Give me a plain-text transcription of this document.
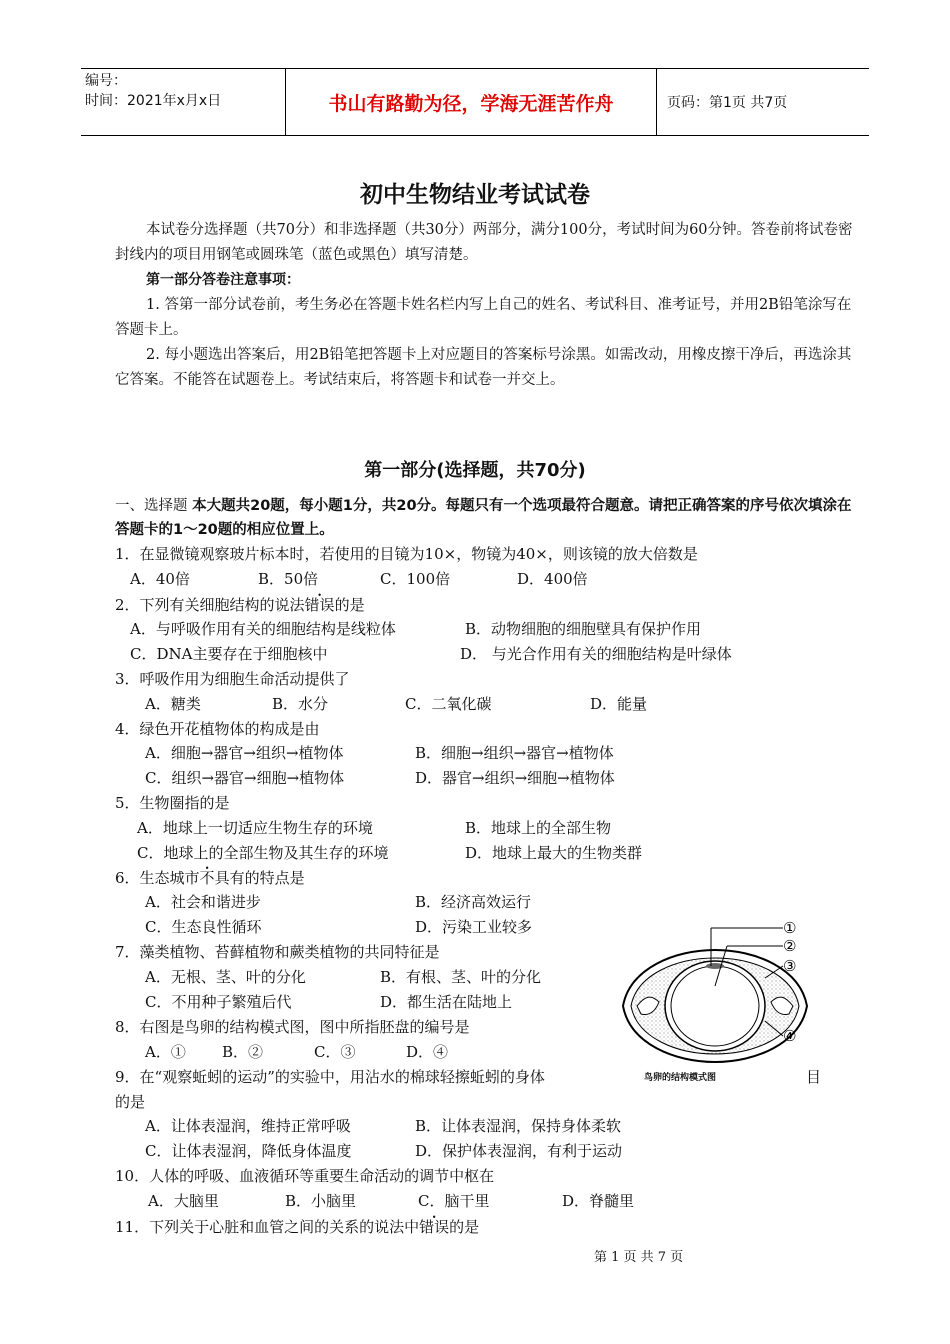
编号：
时间：2021年x月x日	书山有路勤为径，学海无涯苦作舟	页码：第1页 共7页
初中生物结业考试试卷
本试卷分选择题（共70分）和非选择题（共30分）两部分，满分100分，考试时间为60分钟。答卷前将试卷密封线内的项目用钢笔或圆珠笔（蓝色或黑色）填写清楚。
第一部分答卷注意事项：
1. 答第一部分试卷前，考生务必在答题卡姓名栏内写上自己的姓名、考试科目、准考证号，并用2B铅笔涂写在答题卡上。
2. 每小题选出答案后，用2B铅笔把答题卡上对应题目的答案标号涂黑。如需改动，用橡皮擦干净后，再选涂其它答案。不能答在试题卷上。考试结束后，将答题卡和试卷一并交上。
第一部分(选择题，共70分)
一、选择题 本大题共20题，每小题1分，共20分。每题只有一个选项最符合题意。请把正确答案的序号依次填涂在答题卡的1～20题的相应位置上。
1．在显微镜观察玻片标本时，若使用的目镜为10×，物镜为40×，则该镜的放大倍数是
A．40倍	B．50倍	C．100倍	D．400倍
2．下列有关细胞结构的说法错误的是
A．与呼吸作用有关的细胞结构是线粒体	B．动物细胞的细胞壁具有保护作用
C．DNA主要存在于细胞核中	D． 与光合作用有关的细胞结构是叶绿体
3．呼吸作用为细胞生命活动提供了
A．糖类	B．水分	C．二氧化碳	D．能量
4．绿色开花植物体的构成是由
A．细胞→器官→组织→植物体	B．细胞→组织→器官→植物体
C．组织→器官→细胞→植物体	D．器官→组织→细胞→植物体
5．生物圈指的是
A．地球上一切适应生物生存的环境	B．地球上的全部生物
C．地球上的全部生物及其生存的环境	D．地球上最大的生物类群
6．生态城市不具有的特点是
A．社会和谐进步	B．经济高效运行
C．生态良性循环	D．污染工业较多
7．藻类植物、苔藓植物和蕨类植物的共同特征是
A．无根、茎、叶的分化	B．有根、茎、叶的分化
C．不用种子繁殖后代	D．都生活在陆地上
8．右图是鸟卵的结构模式图，图中所指胚盘的编号是
A．① B．②	C．③	D．④
9．在“观察蚯蚓的运动”的实验中，用沾水的棉球轻擦蚯蚓的身体	目
的是
A．让体表湿润，维持正常呼吸	B．让体表湿润，保持身体柔软
C．让体表湿润，降低身体温度	D．保护体表湿润，有利于运动
10．人体的呼吸、血液循环等重要生命活动的调节中枢在
A．大脑里	B．小脑里	C．脑干里	D．脊髓里
11．下列关于心脏和血管之间的关系的说法中错误的是
①
②
③
④
鸟卵的结构模式图
第 1 页 共 7 页
